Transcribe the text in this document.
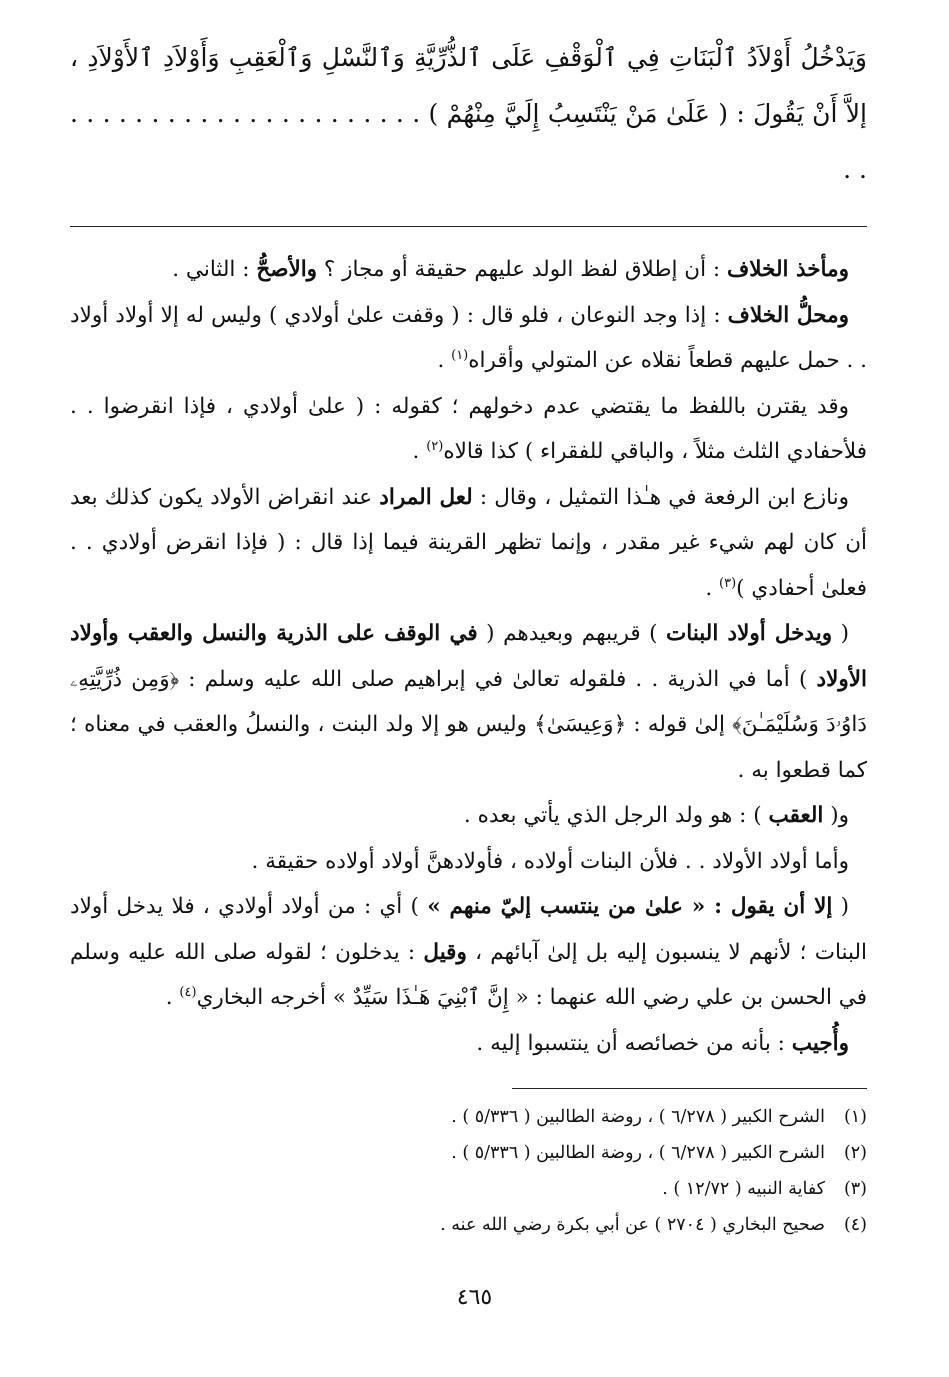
وَيَدْخُلُ أَوْلاَدُ ٱلْبَنَاتِ فِي ٱلْوَقْفِ عَلَى ٱلذُّرِّيَّةِ وَٱلنَّسْلِ وَٱلْعَقِبِ وَأَوْلاَدِ ٱلأَوْلاَدِ ، إلاَّ أَنْ يَقُولَ : ( عَلَىٰ مَنْ يَنْتَسِبُ إِلَيَّ مِنْهُمْ ) . . . . . . . . . . . . . . . . . . . . . . . .

ومأخذ الخلاف : أن إطلاق لفظ الولد عليهم حقيقة أو مجاز ؟ والأصحُّ : الثاني .

ومحلُّ الخلاف : إذا وجد النوعان ، فلو قال : ( وقفت علىٰ أولادي ) وليس له إلا أولاد أولاد . . حمل عليهم قطعاً نقلاه عن المتولي وأقراه$^{(١)}$ .

وقد يقترن باللفظ ما يقتضي عدم دخولهم ؛ كقوله : ( علىٰ أولادي ، فإذا انقرضوا . . فلأحفادي الثلث مثلاً ، والباقي للفقراء ) كذا قالاه$^{(٢)}$ .

ونازع ابن الرفعة في هـٰذا التمثيل ، وقال : لعل المراد عند انقراض الأولاد يكون كذلك بعد أن كان لهم شيء غير مقدر ، وإنما تظهر القرينة فيما إذا قال : ( فإذا انقرض أولادي . . فعلىٰ أحفادي )$^{(٣)}$ .

( ويدخل أولاد البنات ) قريبهم وبعيدهم ( في الوقف على الذرية والنسل والعقب وأولاد الأولاد ) أما في الذرية . . فلقوله تعالىٰ في إبراهيم صلى الله عليه وسلم : ﴿وَمِن ذُرِّيَّتِهِۦ دَاوُۥدَ وَسُلَيْمَـٰنَ﴾ إلىٰ قوله : ﴿وَعِيسَىٰ﴾ وليس هو إلا ولد البنت ، والنسلُ والعقب في معناه ؛ كما قطعوا به .

و( العقب ) : هو ولد الرجل الذي يأتي بعده .

وأما أولاد الأولاد . . فلأن البنات أولاده ، فأولادهنَّ أولاد أولاده حقيقة .

( إلا أن يقول : « علىٰ من ينتسب إليّ منهم » ) أي : من أولاد أولادي ، فلا يدخل أولاد البنات ؛ لأنهم لا ينسبون إليه بل إلىٰ آبائهم ، وقيل : يدخلون ؛ لقوله صلى الله عليه وسلم في الحسن بن علي رضي الله عنهما : « إِنَّ ٱبْنِيَ هَـٰذَا سَيِّدٌ » أخرجه البخاري$^{(٤)}$ .

وأُجيب : بأنه من خصائصه أن ينتسبوا إليه .

(١)الشرح الكبير ( ٦/٢٧٨ ) ، روضة الطالبين ( ٥/٣٣٦ ) .

(٢)الشرح الكبير ( ٦/٢٧٨ ) ، روضة الطالبين ( ٥/٣٣٦ ) .

(٣)كفاية النبيه ( ١٢/٧٢ ) .

(٤)صحيح البخاري ( ٢٧٠٤ ) عن أبي بكرة رضي الله عنه .

٤٦٥
